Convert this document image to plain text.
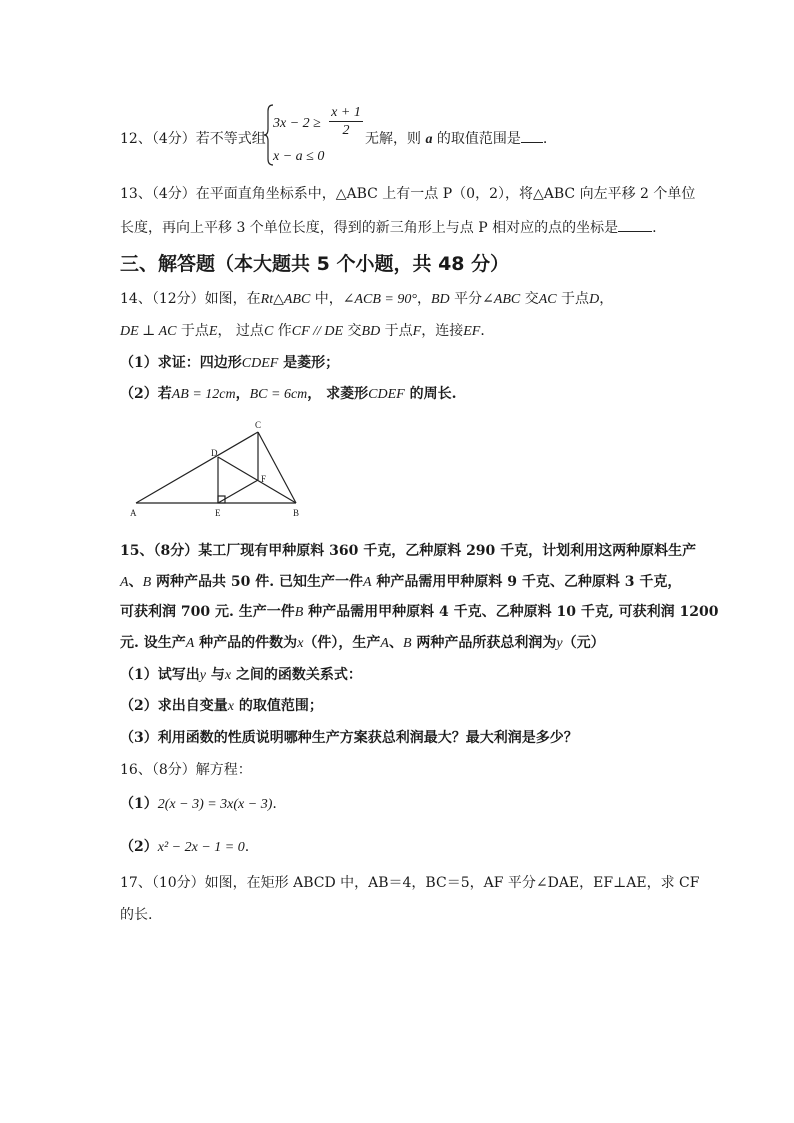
12、（4分）若不等式组
3x − 2 ≥
x + 1
2
x − a ≤ 0
无解，则 a 的取值范围是 .
13、（4分）在平面直角坐标系中，△ABC 上有一点 P（0，2），将△ABC 向左平移 2 个单位
长度，再向上平移 3 个单位长度，得到的新三角形上与点 P 相对应的点的坐标是 .
三、解答题（本大题共 5 个小题，共 48 分）
14、（12分）如图，在Rt△ABC 中，∠ACB = 90°，BD 平分∠ABC 交AC 于点D，
DE ⊥ AC 于点E， 过点C 作CF // DE 交BD 于点F，连接EF．
（1）求证：四边形CDEF 是菱形；
（2）若AB = 12cm，BC = 6cm， 求菱形CDEF 的周长.
A	B
C
D
E
F
15、（8分）某工厂现有甲种原料 360 千克，乙种原料 290 千克，计划利用这两种原料生产
A、B 两种产品共 50 件. 已知生产一件A 种产品需用甲种原料 9 千克、乙种原料 3 千克，
可获利润 700 元. 生产一件B 种产品需用甲种原料 4 千克、乙种原料 10 千克, 可获利润 1200
元. 设生产A 种产品的件数为x（件），生产A、B 两种产品所获总利润为y（元）
（1）试写出y 与x 之间的函数关系式：
（2）求出自变量x 的取值范围；
（3）利用函数的性质说明哪种生产方案获总利润最大？最大利润是多少？
16、（8分）解方程：
（1）2(x − 3) = 3x(x − 3).
（2）x² − 2x − 1 = 0.
17、（10分）如图，在矩形 ABCD 中，AB＝4，BC＝5，AF 平分∠DAE，EF⊥AE，求 CF
的长.
